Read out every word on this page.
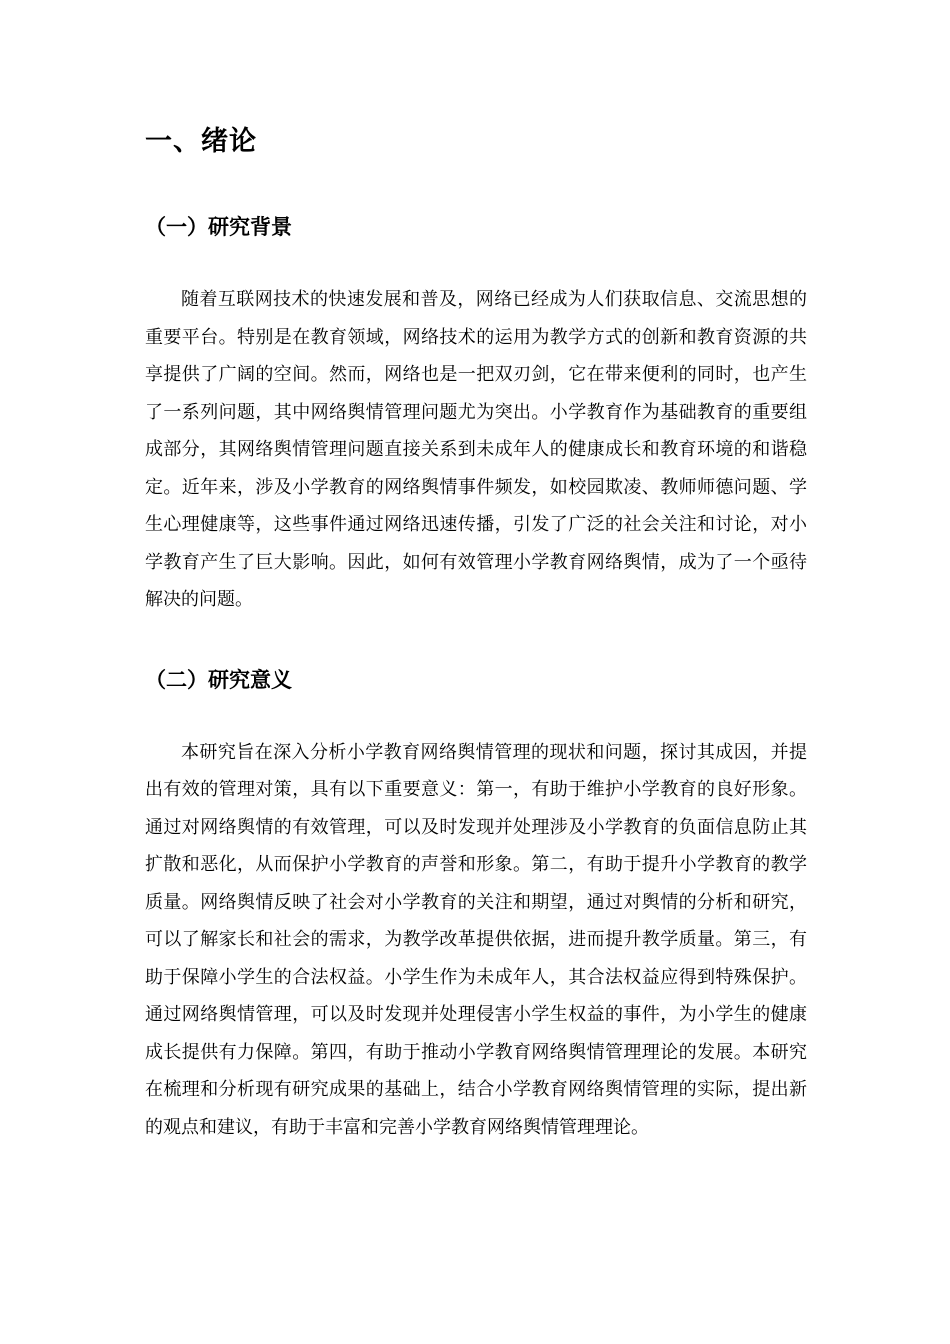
一、绪论
（一）研究背景

随着互联网技术的快速发展和普及，网络已经成为人们获取信息、交流思想的重要平台。特别是在教育领域，网络技术的运用为教学方式的创新和教育资源的共享提供了广阔的空间。然而，网络也是一把双刃剑，它在带来便利的同时，也产生了一系列问题，其中网络舆情管理问题尤为突出。小学教育作为基础教育的重要组成部分，其网络舆情管理问题直接关系到未成年人的健康成长和教育环境的和谐稳定。近年来，涉及小学教育的网络舆情事件频发，如校园欺凌、教师师德问题、学生心理健康等，这些事件通过网络迅速传播，引发了广泛的社会关注和讨论，对小学教育产生了巨大影响。因此，如何有效管理小学教育网络舆情，成为了一个亟待解决的问题。

（二）研究意义

本研究旨在深入分析小学教育网络舆情管理的现状和问题，探讨其成因，并提出有效的管理对策，具有以下重要意义：第一，有助于维护小学教育的良好形象。通过对网络舆情的有效管理，可以及时发现并处理涉及小学教育的负面信息防止其扩散和恶化，从而保护小学教育的声誉和形象。第二，有助于提升小学教育的教学质量。网络舆情反映了社会对小学教育的关注和期望，通过对舆情的分析和研究，可以了解家长和社会的需求，为教学改革提供依据，进而提升教学质量。第三，有助于保障小学生的合法权益。小学生作为未成年人，其合法权益应得到特殊保护。通过网络舆情管理，可以及时发现并处理侵害小学生权益的事件，为小学生的健康成长提供有力保障。第四，有助于推动小学教育网络舆情管理理论的发展。本研究在梳理和分析现有研究成果的基础上，结合小学教育网络舆情管理的实际，提出新的观点和建议，有助于丰富和完善小学教育网络舆情管理理论。
